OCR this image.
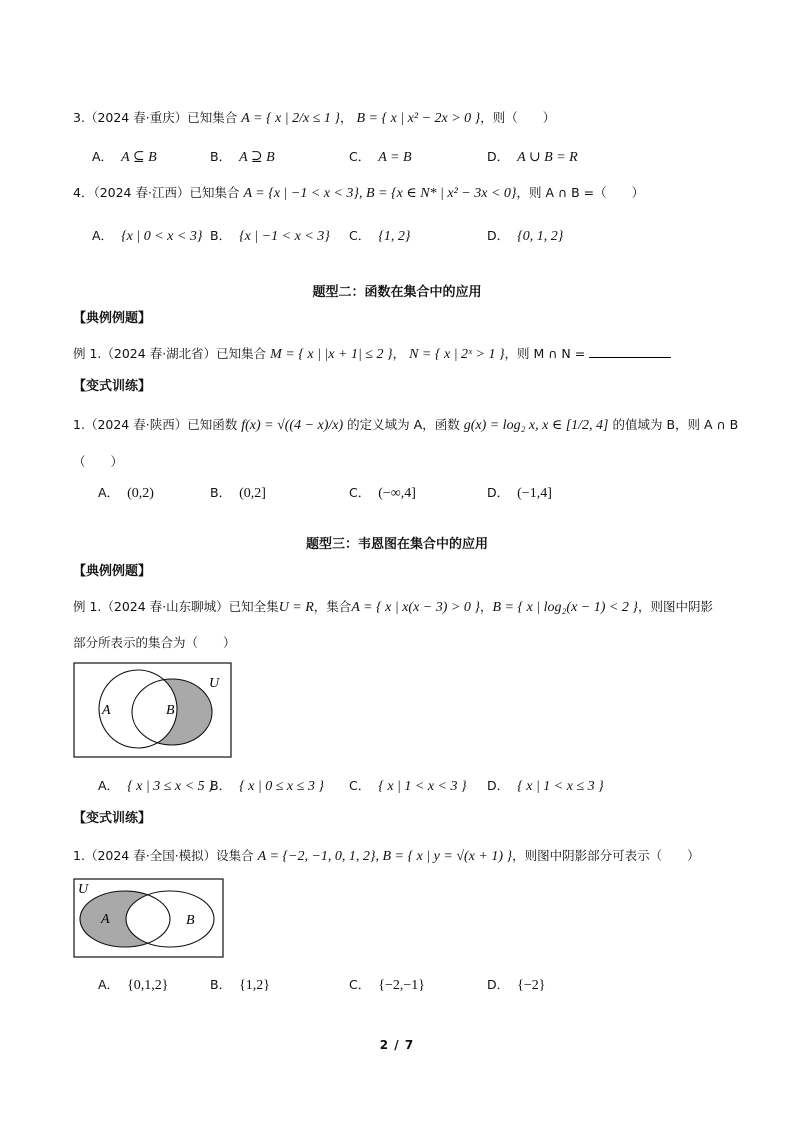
3.（2024 春·重庆）已知集合 A = { x | 2/x ≤ 1 }， B = { x | x² − 2x > 0 }，则（　　）
A． A ⊆ B	B． A ⊇ B	C． A = B	D． A ∪ B = R
4．（2024 春·江西）已知集合 A = {x | −1 < x < 3}, B = {x ∈ N* | x² − 3x < 0}，则 A ∩ B =（　　）
A． {x | 0 < x < 3} B． {x | −1 < x < 3} C． {1, 2}	D． {0, 1, 2}
题型二：函数在集合中的应用
【典例例题】
例 1.（2024 春·湖北省）已知集合 M = { x | |x + 1| ≤ 2 }， N = { x | 2ˣ > 1 }，则 M ∩ N =
【变式训练】
1.（2024 春·陕西）已知函数 f(x) = √((4 − x)/x) 的定义域为 A，函数 g(x) = log₂ x, x ∈ [1/2, 4] 的值域为 B，则 A ∩ B
（　　）
A． (0,2)	B． (0,2]	C． (−∞,4]	D． (−1,4]
题型三：韦恩图在集合中的应用
【典例例题】
例 1.（2024 春·山东聊城）已知全集U = R，集合A = { x | x(x − 3) > 0 }，B = { x | log₂(x − 1) < 2 }，则图中阴影
部分所表示的集合为（　　）
A	B
U
A． { x | 3 ≤ x < 5 }
B． { x | 0 ≤ x ≤ 3 } C． { x | 1 < x < 3 } D． { x | 1 < x ≤ 3 }
【变式训练】
1.（2024 春·全国·模拟）设集合 A = {−2, −1, 0, 1, 2}, B = { x | y = √(x + 1) }，则图中阴影部分可表示（　　）
A	B
U
A． {0,1,2}	B． {1,2}	C． {−2,−1}	D． {−2}
2 / 7
